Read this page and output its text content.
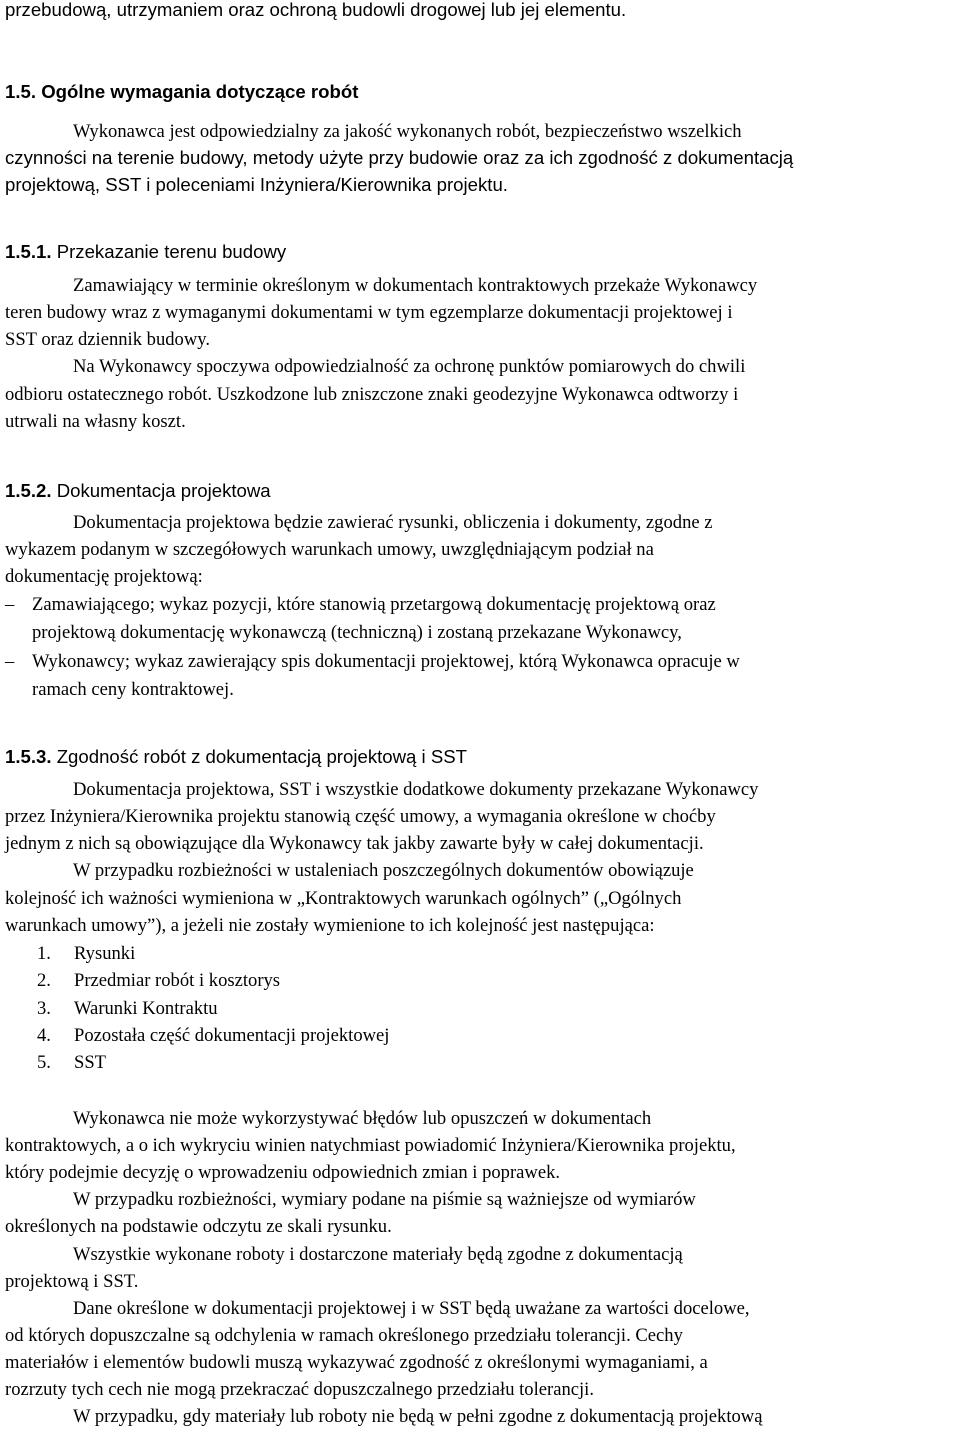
przebudową, utrzymaniem oraz ochroną budowli drogowej lub jej elementu.
1.5. Ogólne wymagania dotyczące robót
Wykonawca jest odpowiedzialny za jakość wykonanych robót, bezpieczeństwo wszelkich
czynności na terenie budowy, metody użyte przy budowie oraz za ich zgodność z dokumentacją
projektową, SST i poleceniami Inżyniera/Kierownika projektu.
1.5.1. Przekazanie terenu budowy
Zamawiający w terminie określonym w dokumentach kontraktowych przekaże Wykonawcy
teren budowy wraz z wymaganymi dokumentami w tym egzemplarze dokumentacji projektowej i
SST oraz dziennik budowy.
Na Wykonawcy spoczywa odpowiedzialność za ochronę punktów pomiarowych do chwili
odbioru ostatecznego robót. Uszkodzone lub zniszczone znaki geodezyjne Wykonawca odtworzy i
utrwali na własny koszt.
1.5.2. Dokumentacja projektowa
Dokumentacja projektowa będzie zawierać rysunki, obliczenia i dokumenty, zgodne z
wykazem podanym w szczegółowych warunkach umowy, uwzględniającym podział na
dokumentację projektową:
– Zamawiającego; wykaz pozycji, które stanowią przetargową dokumentację projektową oraz
projektową dokumentację wykonawczą (techniczną) i zostaną przekazane Wykonawcy,
– Wykonawcy; wykaz zawierający spis dokumentacji projektowej, którą Wykonawca opracuje w
ramach ceny kontraktowej.
1.5.3. Zgodność robót z dokumentacją projektową i SST
Dokumentacja projektowa, SST i wszystkie dodatkowe dokumenty przekazane Wykonawcy
przez Inżyniera/Kierownika projektu stanowią część umowy, a wymagania określone w choćby
jednym z nich są obowiązujące dla Wykonawcy tak jakby zawarte były w całej dokumentacji.
W przypadku rozbieżności w ustaleniach poszczególnych dokumentów obowiązuje
kolejność ich ważności wymieniona w „Kontraktowych warunkach ogólnych” („Ogólnych
warunkach umowy”), a jeżeli nie zostały wymienione to ich kolejność jest następująca:
1. Rysunki
2. Przedmiar robót i kosztorys
3. Warunki Kontraktu
4. Pozostała część dokumentacji projektowej
5. SST
Wykonawca nie może wykorzystywać błędów lub opuszczeń w dokumentach
kontraktowych, a o ich wykryciu winien natychmiast powiadomić Inżyniera/Kierownika projektu,
który podejmie decyzję o wprowadzeniu odpowiednich zmian i poprawek.
W przypadku rozbieżności, wymiary podane na piśmie są ważniejsze od wymiarów
określonych na podstawie odczytu ze skali rysunku.
Wszystkie wykonane roboty i dostarczone materiały będą zgodne z dokumentacją
projektową i SST.
Dane określone w dokumentacji projektowej i w SST będą uważane za wartości docelowe,
od których dopuszczalne są odchylenia w ramach określonego przedziału tolerancji. Cechy
materiałów i elementów budowli muszą wykazywać zgodność z określonymi wymaganiami, a
rozrzuty tych cech nie mogą przekraczać dopuszczalnego przedziału tolerancji.
W przypadku, gdy materiały lub roboty nie będą w pełni zgodne z dokumentacją projektową
